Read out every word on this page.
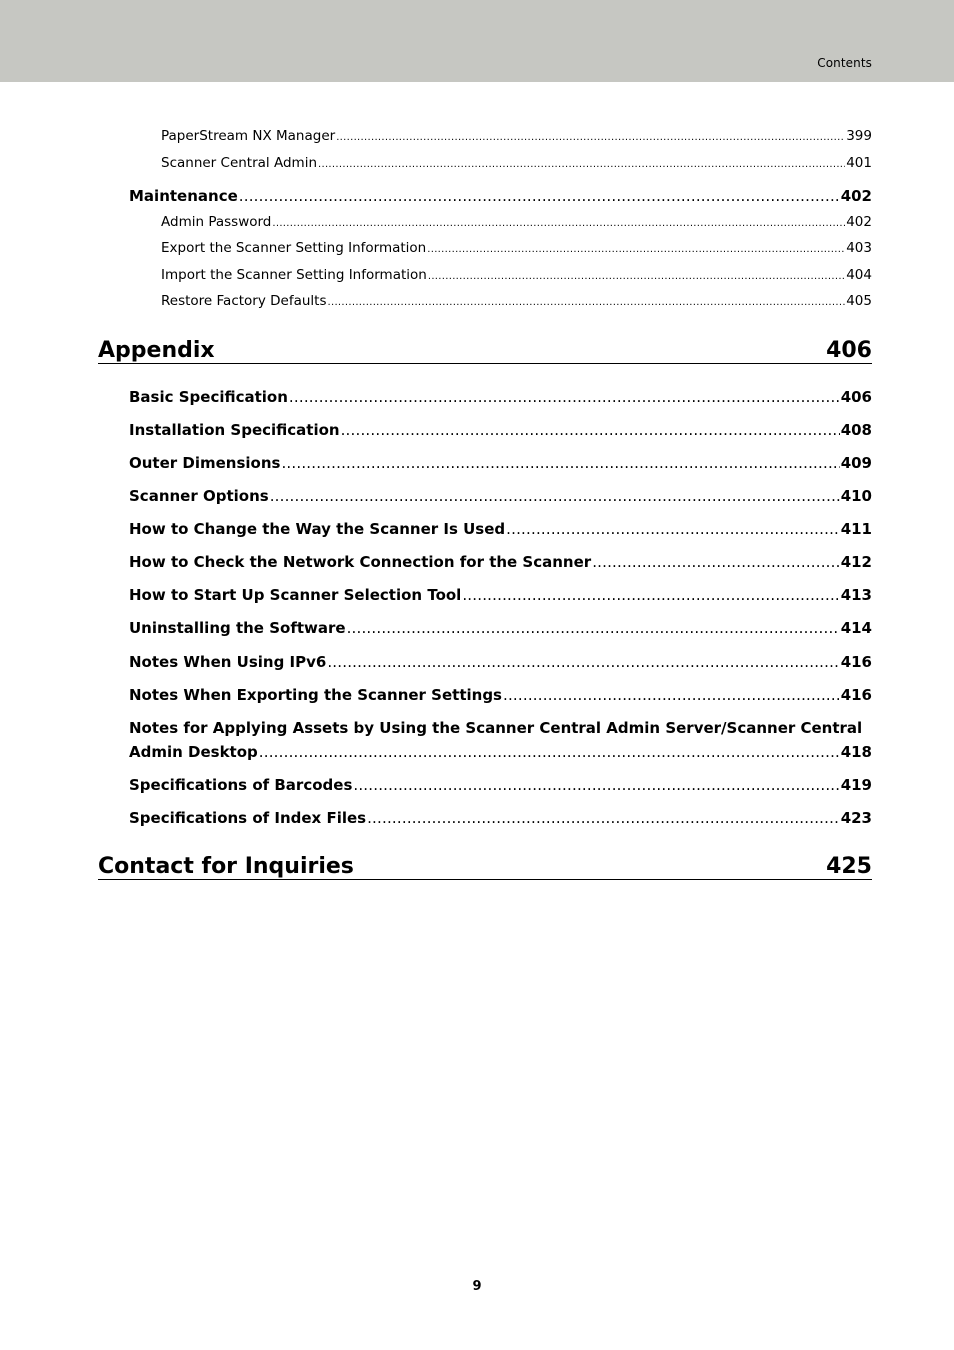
Contents
PaperStream NX Manager .....	399
Scanner Central Admin .....	401
Maintenance .....	402
Admin Password .....	402
Export the Scanner Setting Information .....	403
Import the Scanner Setting Information .....	404
Restore Factory Defaults .....	405
Appendix	406
Basic Specification .....	406
Installation Specification .....	408
Outer Dimensions .....	409
Scanner Options .....	410
How to Change the Way the Scanner Is Used .....	411
How to Check the Network Connection for the Scanner .....	412
How to Start Up Scanner Selection Tool .....	413
Uninstalling the Software .....	414
Notes When Using IPv6 .....	416
Notes When Exporting the Scanner Settings .....	416
Notes for Applying Assets by Using the Scanner Central Admin Server/Scanner Central
Admin Desktop .....	418
Specifications of Barcodes .....	419
Specifications of Index Files .....	423
Contact for Inquiries	425
9
